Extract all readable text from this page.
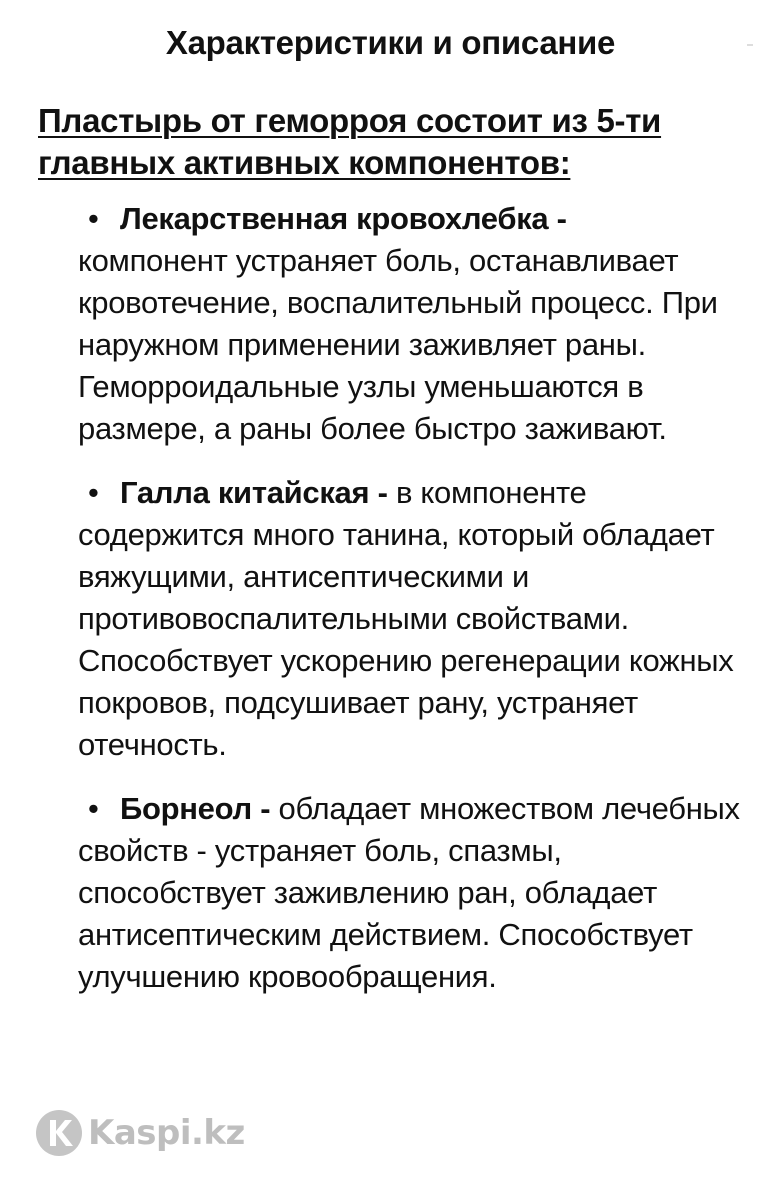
Характеристики и описание

Пластырь от геморроя состоит из 5-ти главных активных компонентов:

• Лекарственная кровохлебка -
компонент устраняет боль, останавливает кровотечение, воспалительный процесс. При наружном применении заживляет раны. Геморроидальные узлы уменьшаются в размере, а раны более быстро заживают.
• Галла китайская - в компоненте содержится много танина, который обладает вяжущими, антисептическими и противовоспалительными свойствами. Способствует ускорению регенерации кожных покровов, подсушивает рану, устраняет отечность.
• Борнеол - обладает множеством лечебных свойств - устраняет боль, спазмы, способствует заживлению ран, обладает антисептическим действием. Способствует улучшению кровообращения.
Kaspi.kz
